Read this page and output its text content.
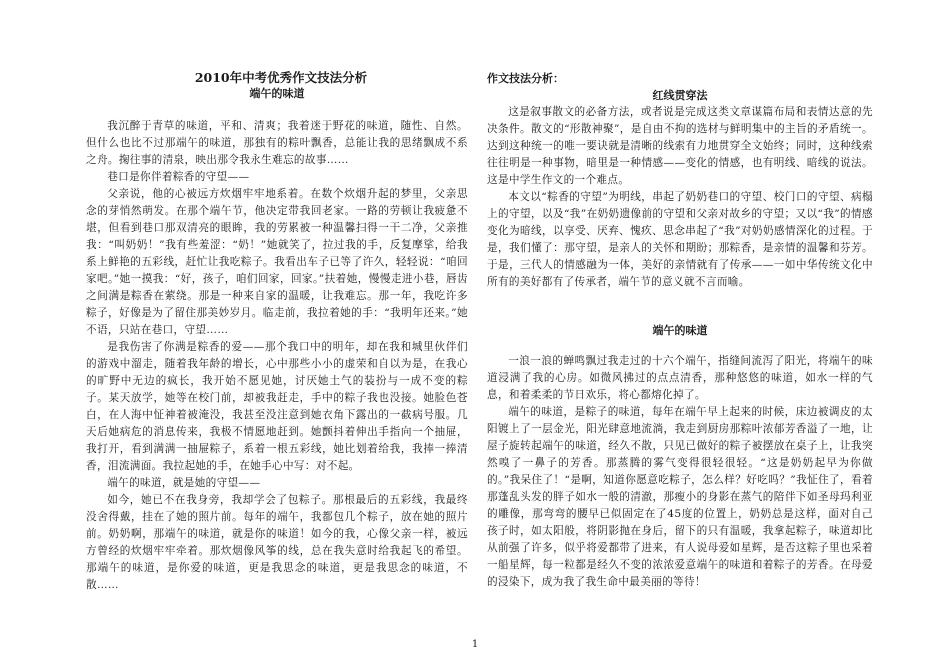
2010年中考优秀作文技法分析
端午的味道

我沉醉于青草的味道，平和、清爽；我着迷于野花的味道，随性、自然。但什么也比不过那端午的味道，那独有的粽叶飘香，总能让我的思绪飘成不系之舟。掬往事的清泉，映出那令我永生难忘的故事……

巷口是你伴着粽香的守望——

父亲说，他的心被远方炊烟牢牢地系着。在数个炊烟升起的梦里，父亲思念的芽悄然萌发。在那个端午节，他决定带我回老家。一路的劳顿让我疲惫不堪，但看到巷口那双清亮的眼眸，我的劳累被一种温馨扫得一干二净，父亲推我：“叫奶奶！”我有些羞涩：“奶！”她就笑了，拉过我的手，反复摩挲，给我系上鲜艳的五彩线，赶忙让我吃粽子。我看出车子已等了许久，轻轻说：“咱回家吧。”她一摸我：“好，孩子，咱们回家，回家。”扶着她，慢慢走进小巷，唇齿之间满是粽香在萦绕。那是一种来自家的温暖，让我难忘。那一年，我吃许多粽子，好像是为了留住那美妙岁月。临走前，我拉着她的手：“我明年还来。”她不语，只站在巷口，守望……

是我伤害了你满是粽香的爱——那个我口中的明年，却在我和城里伙伴们的游戏中溜走，随着我年龄的增长，心中那些小小的虚荣和自以为是，在我心的旷野中无边的疯长，我开始不愿见她，讨厌她土气的装扮与一成不变的粽子。某天放学，她等在校门前，却被我赶走，手中的粽子我也没接。她脸色苍白，在人海中怔神着被淹没，我甚至没注意到她衣角下露出的一截病号服。几天后她病危的消息传来，我极不情愿地赶到。她颤抖着伸出手指向一个抽屉，我打开，看到满满一抽屉粽子，系着一根五彩线，她比划着给我，我捧一捧清香，泪流满面。我拉起她的手，在她手心中写：对不起。

端午的味道，就是她的守望——

如今，她已不在我身旁，我却学会了包粽子。那根最后的五彩线，我最终没舍得戴，挂在了她的照片前。每年的端午，我都包几个粽子，放在她的照片前。奶奶啊，那端午的味道，就是你的味道！如今的我，心像父亲一样，被远方曾经的炊烟牢牢牵着。那炊烟像风筝的线，总在我失意时给我起飞的希望。那端午的味道，是你爱的味道，更是我思念的味道，更是我思念的味道，不散……

作文技法分析：
红线贯穿法

这是叙事散文的必备方法，或者说是完成这类文章谋篇布局和表情达意的先决条件。散文的“形散神聚”，是自由不拘的选材与鲜明集中的主旨的矛盾统一。达到这种统一的唯一要诀就是清晰的线索有力地贯穿全文始终；同时，这种线索往往明是一种事物，暗里是一种情感——变化的情感，也有明线、暗线的说法。这是中学生作文的一个难点。

本文以“粽香的守望”为明线，串起了奶奶巷口的守望、校门口的守望、病榻上的守望，以及“我”在奶奶遗像前的守望和父亲对故乡的守望；又以“我”的情感变化为暗线，以享受、厌弃、愧疚、思念串起了“我”对奶奶感情深化的过程。于是，我们懂了：那守望，是亲人的关怀和期盼；那粽香，是亲情的温馨和芬芳。于是，三代人的情感融为一体，美好的亲情就有了传承——一如中华传统文化中所有的美好都有了传承者，端午节的意义就不言而喻。

端午的味道

一浪一浪的蝉鸣飘过我走过的十六个端午，指缝间流泻了阳光，将端午的味道浸满了我的心房。如微风拂过的点点清香，那种悠悠的味道，如水一样的气息，和着柔柔的节日欢乐，将心都熔化掉了。

端午的味道，是粽子的味道，每年在端午早上起来的时候，床边被调皮的太阳镀上了一层金光，阳光肆意地流淌，我走到厨房那粽叶浓郁芳香溢了一地，让屋子旋转起端午的味道，经久不散，只见已做好的粽子被摆放在桌子上，让我突然嗅了一鼻子的芳香。那蒸腾的雾气变得很轻很轻。“这是奶奶起早为你做的。”我呆住了！“是啊，知道你愿意吃粽子，怎么样？好吃吗？”我怔住了，看着那蓬乱头发的胖子如水一般的清澈，那瘦小的身影在蒸气的陪伴下如圣母玛利亚的雕像，那弯弯的腰早已似固定在了45度的位置上，奶奶总是这样，面对自己孩子时，如太阳般，将阴影抛在身后，留下的只有温暖，我拿起粽子，味道却比从前强了许多，似乎将爱都带了进来，有人说母爱如星辉，是否这粽子里也采着一船星辉，每一粒都是经久不变的浓浓爱意端午的味道和着粽子的芳香。在母爱的浸染下，成为我了我生命中最美丽的等待！

1
